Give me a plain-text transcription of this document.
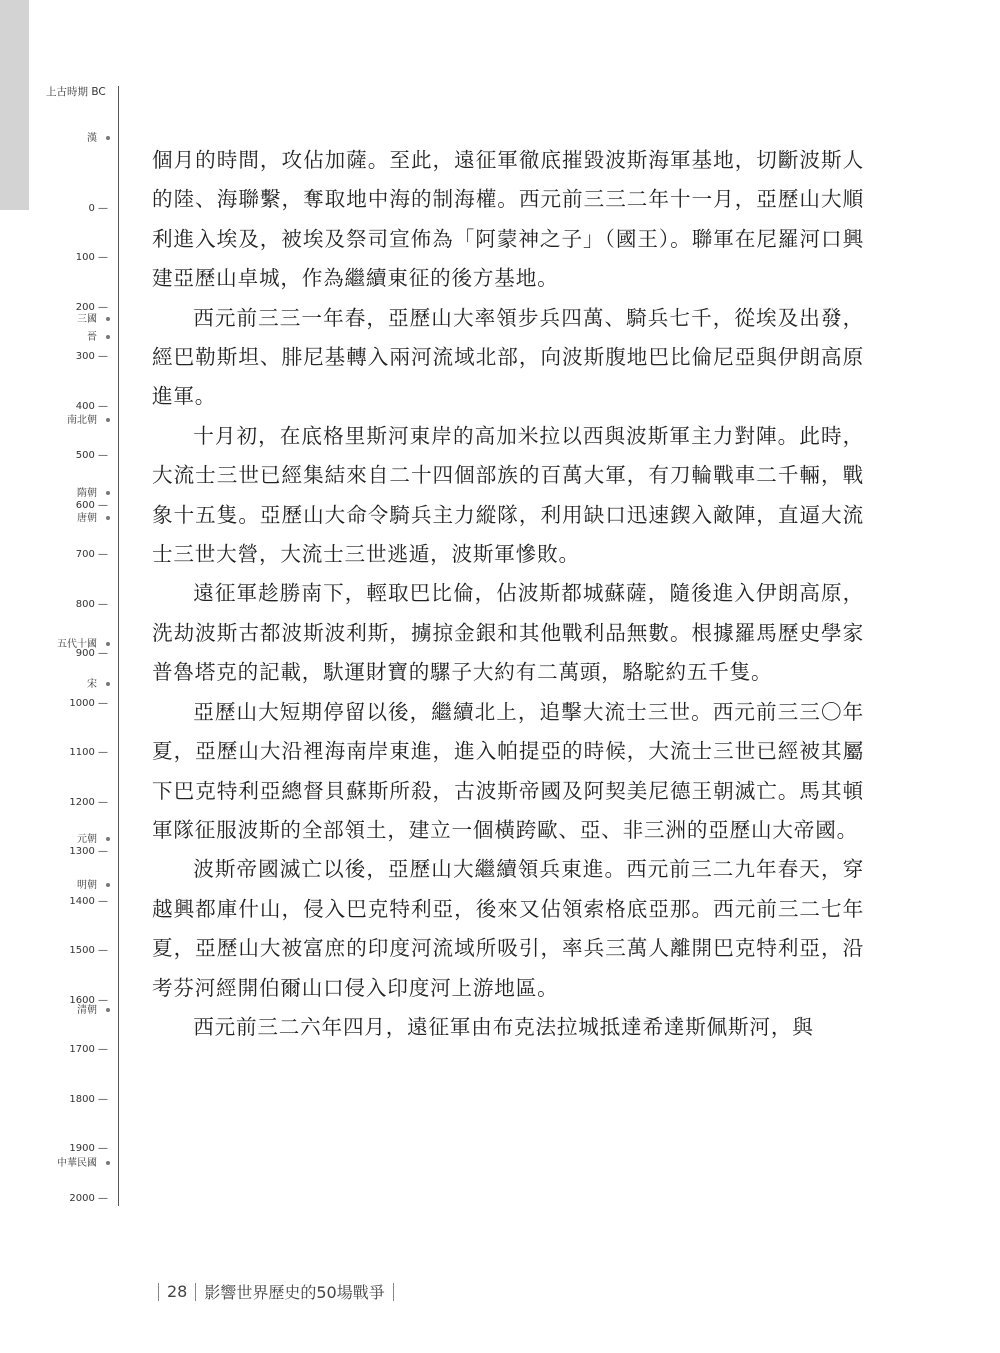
上古時期 BC
0 —
100 —
200 —
300 —
400 —
500 —
600 —
700 —
800 —
900 —
1000 —
1100 —
1200 —
1300 —
1400 —
1500 —
1600 —
1700 —
1800 —
1900 —
2000 —
漢
三國
晉
南北朝
隋朝
唐朝
五代十國
宋
元朝
明朝
清朝
中華民國

個月的時間，攻佔加薩。至此，遠征軍徹底摧毀波斯海軍基地，切斷波斯人的陸、海聯繫，奪取地中海的制海權。西元前三三二年十一月，亞歷山大順利進入埃及，被埃及祭司宣佈為「阿蒙神之子」（國王）。聯軍在尼羅河口興建亞歷山卓城，作為繼續東征的後方基地。

西元前三三一年春，亞歷山大率領步兵四萬、騎兵七千，從埃及出發，經巴勒斯坦、腓尼基轉入兩河流域北部，向波斯腹地巴比倫尼亞與伊朗高原進軍。

十月初，在底格里斯河東岸的高加米拉以西與波斯軍主力對陣。此時，大流士三世已經集結來自二十四個部族的百萬大軍，有刀輪戰車二千輛，戰象十五隻。亞歷山大命令騎兵主力縱隊，利用缺口迅速鍥入敵陣，直逼大流士三世大營，大流士三世逃遁，波斯軍慘敗。

遠征軍趁勝南下，輕取巴比倫，佔波斯都城蘇薩，隨後進入伊朗高原，洗劫波斯古都波斯波利斯，擄掠金銀和其他戰利品無數。根據羅馬歷史學家普魯塔克的記載，馱運財寶的騾子大約有二萬頭，駱駝約五千隻。

亞歷山大短期停留以後，繼續北上，追擊大流士三世。西元前三三〇年夏，亞歷山大沿裡海南岸東進，進入帕提亞的時候，大流士三世已經被其屬下巴克特利亞總督貝蘇斯所殺，古波斯帝國及阿契美尼德王朝滅亡。馬其頓軍隊征服波斯的全部領土，建立一個橫跨歐、亞、非三洲的亞歷山大帝國。

波斯帝國滅亡以後，亞歷山大繼續領兵東進。西元前三二九年春天，穿越興都庫什山，侵入巴克特利亞，後來又佔領索格底亞那。西元前三二七年夏，亞歷山大被富庶的印度河流域所吸引，率兵三萬人離開巴克特利亞，沿考芬河經開伯爾山口侵入印度河上游地區。

西元前三二六年四月，遠征軍由布克法拉城抵達希達斯佩斯河，與

28 影響世界歷史的50場戰爭
